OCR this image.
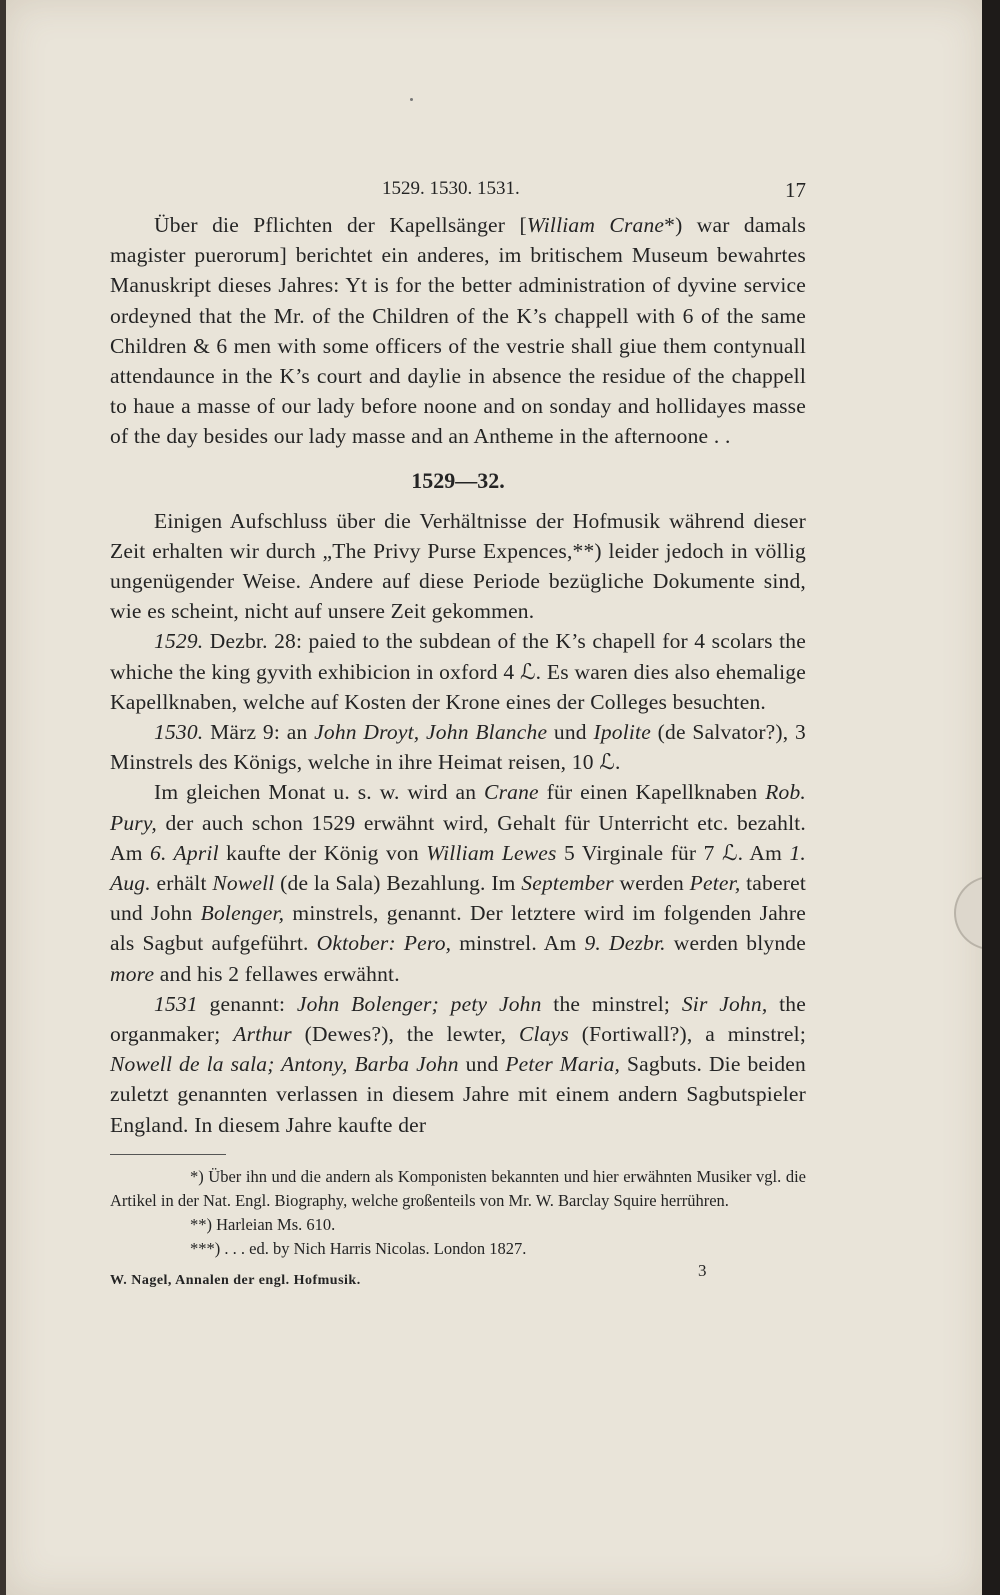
1529. 1530. 1531.	17

Über die Pflichten der Kapellsänger [William Crane*) war damals magister puerorum] berichtet ein anderes, im britischem Museum bewahrtes Manuskript dieses Jahres: Yt is for the better administration of dyvine service ordeyned that the Mr. of the Children of the K’s chappell with 6 of the same Children & 6 men with some officers of the vestrie shall giue them contynuall attendaunce in the K’s court and daylie in absence the residue of the chappell to haue a masse of our lady before noone and on sonday and hollidayes masse of the day besides our lady masse and an Antheme in the afternoone . .

1529—32.

Einigen Aufschluss über die Verhältnisse der Hofmusik während dieser Zeit erhalten wir durch „The Privy Purse Expences,**) leider jedoch in völlig ungenügender Weise. Andere auf diese Periode bezügliche Dokumente sind, wie es scheint, nicht auf unsere Zeit gekommen.

1529. Dezbr. 28: paied to the subdean of the K’s chapell for 4 scolars the whiche the king gyvith exhibicion in oxford 4 ℒ. Es waren dies also ehemalige Kapellknaben, welche auf Kosten der Krone eines der Colleges besuchten.

1530. März 9: an John Droyt, John Blanche und Ipolite (de Salvator?), 3 Minstrels des Königs, welche in ihre Heimat reisen, 10 ℒ.

Im gleichen Monat u. s. w. wird an Crane für einen Kapellknaben Rob. Pury, der auch schon 1529 erwähnt wird, Gehalt für Unterricht etc. bezahlt. Am 6. April kaufte der König von William Lewes 5 Virginale für 7 ℒ. Am 1. Aug. erhält Nowell (de la Sala) Bezahlung. Im September werden Peter, taberet und John Bolenger, minstrels, genannt. Der letztere wird im folgenden Jahre als Sagbut aufgeführt. Oktober: Pero, minstrel. Am 9. Dezbr. werden blynde more and his 2 fellawes erwähnt.

1531 genannt: John Bolenger; pety John the minstrel; Sir John, the organmaker; Arthur (Dewes?), the lewter, Clays (Fortiwall?), a minstrel; Nowell de la sala; Antony, Barba John und Peter Maria, Sagbuts. Die beiden zuletzt genannten verlassen in diesem Jahre mit einem andern Sagbutspieler England. In diesem Jahre kaufte der

*) Über ihn und die andern als Komponisten bekannten und hier erwähnten Musiker vgl. die Artikel in der Nat. Engl. Biography, welche großenteils von Mr. W. Barclay Squire herrühren.

**) Harleian Ms. 610.

***) . . . ed. by Nich Harris Nicolas. London 1827.

W. Nagel, Annalen der engl. Hofmusik.
3
